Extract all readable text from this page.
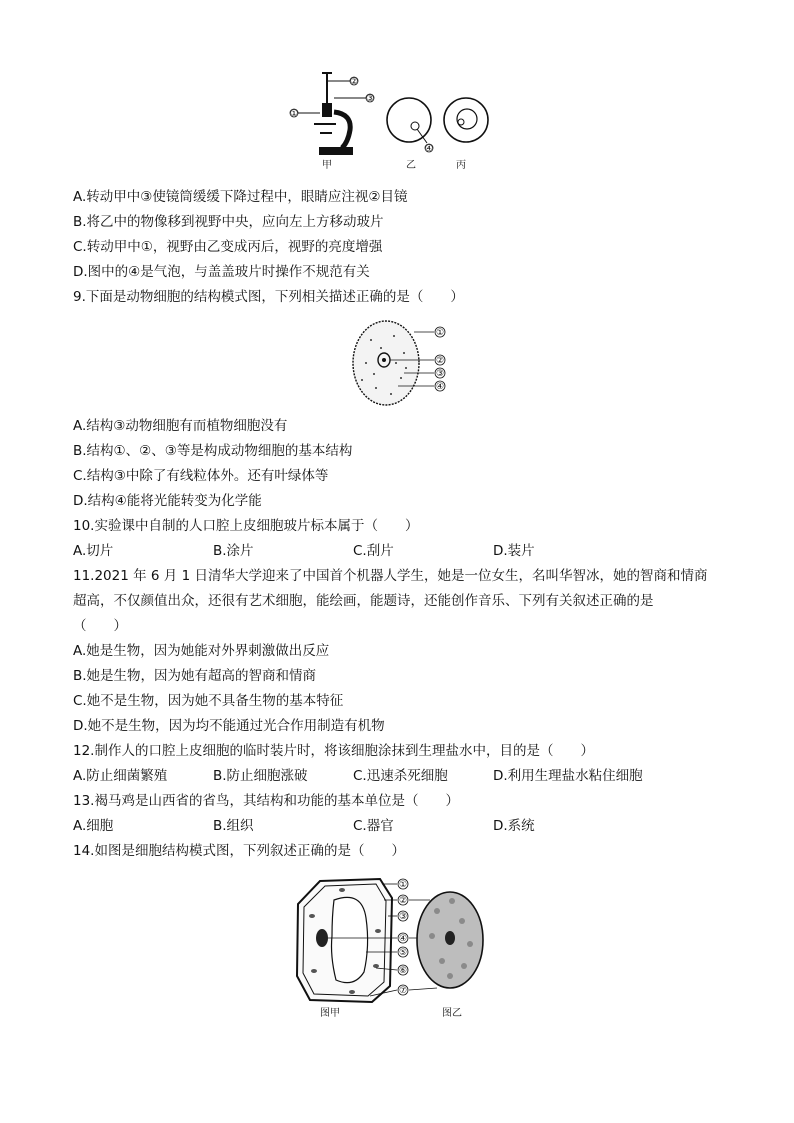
②
③
①
甲
④
乙	丙
A.转动甲中③使镜筒缓缓下降过程中，眼睛应注视②目镜
B.将乙中的物像移到视野中央，应向左上方移动玻片
C.转动甲中①，视野由乙变成丙后，视野的亮度增强
D.图中的④是气泡，与盖盖玻片时操作不规范有关
9.下面是动物细胞的结构模式图，下列相关描述正确的是（　　）
①
②
③
④
A.结构③动物细胞有而植物细胞没有
B.结构①、②、③等是构成动物细胞的基本结构
C.结构③中除了有线粒体外。还有叶绿体等
D.结构④能将光能转变为化学能
10.实验课中自制的人口腔上皮细胞玻片标本属于（　　）
A.切片	B.涂片	C.刮片	D.装片
11.2021 年 6 月 1 日清华大学迎来了中国首个机器人学生，她是一位女生，名叫华智冰，她的智商和情商
超高，不仅颜值出众，还很有艺术细胞，能绘画，能题诗，还能创作音乐、下列有关叙述正确的是
（　　）
A.她是生物，因为她能对外界刺激做出反应
B.她是生物，因为她有超高的智商和情商
C.她不是生物，因为她不具备生物的基本特征
D.她不是生物，因为均不能通过光合作用制造有机物
12.制作人的口腔上皮细胞的临时装片时，将该细胞涂抹到生理盐水中，目的是（　　）
A.防止细菌繁殖	B.防止细胞涨破	C.迅速杀死细胞	D.利用生理盐水粘住细胞
13.褐马鸡是山西省的省鸟，其结构和功能的基本单位是（　　）
A.细胞	B.组织	C.器官	D.系统
14.如图是细胞结构模式图，下列叙述正确的是（　　）
图甲
①
②
③
④
⑤
⑥
⑦
图乙
